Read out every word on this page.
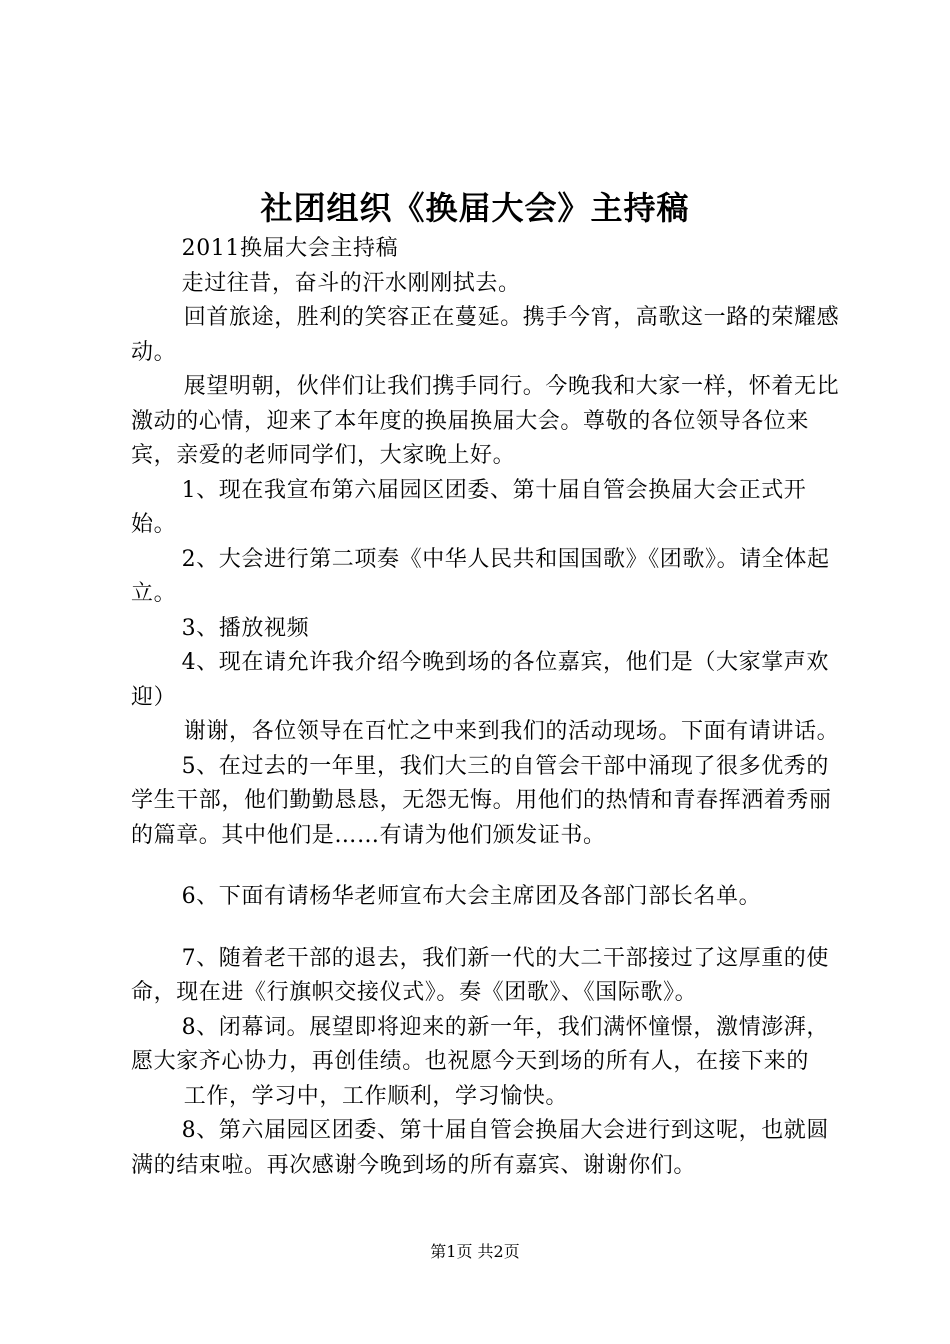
社团组织《换届大会》主持稿

2011换届大会主持稿

走过往昔，奋斗的汗水刚刚拭去。

回首旅途，胜利的笑容正在蔓延。携手今宵，高歌这一路的荣耀感动。

展望明朝，伙伴们让我们携手同行。今晚我和大家一样，怀着无比激动的心情，迎来了本年度的换届换届大会。尊敬的各位领导各位来宾，亲爱的老师同学们，大家晚上好。

1、现在我宣布第六届园区团委、第十届自管会换届大会正式开始。

2、大会进行第二项奏《中华人民共和国国歌》《团歌》。请全体起立。

3、播放视频

4、现在请允许我介绍今晚到场的各位嘉宾，他们是（大家掌声欢迎）

谢谢，各位领导在百忙之中来到我们的活动现场。下面有请讲话。

5、在过去的一年里，我们大三的自管会干部中涌现了很多优秀的学生干部，他们勤勤恳恳，无怨无悔。用他们的热情和青春挥洒着秀丽的篇章。其中他们是……有请为他们颁发证书。

6、下面有请杨华老师宣布大会主席团及各部门部长名单。

7、随着老干部的退去，我们新一代的大二干部接过了这厚重的使命，现在进《行旗帜交接仪式》。奏《团歌》、《国际歌》。

8、闭幕词。展望即将迎来的新一年，我们满怀憧憬，激情澎湃，愿大家齐心协力，再创佳绩。也祝愿今天到场的所有人，在接下来的

工作，学习中，工作顺利，学习愉快。

8、第六届园区团委、第十届自管会换届大会进行到这呢，也就圆满的结束啦。再次感谢今晚到场的所有嘉宾、谢谢你们。

第1页 共2页
